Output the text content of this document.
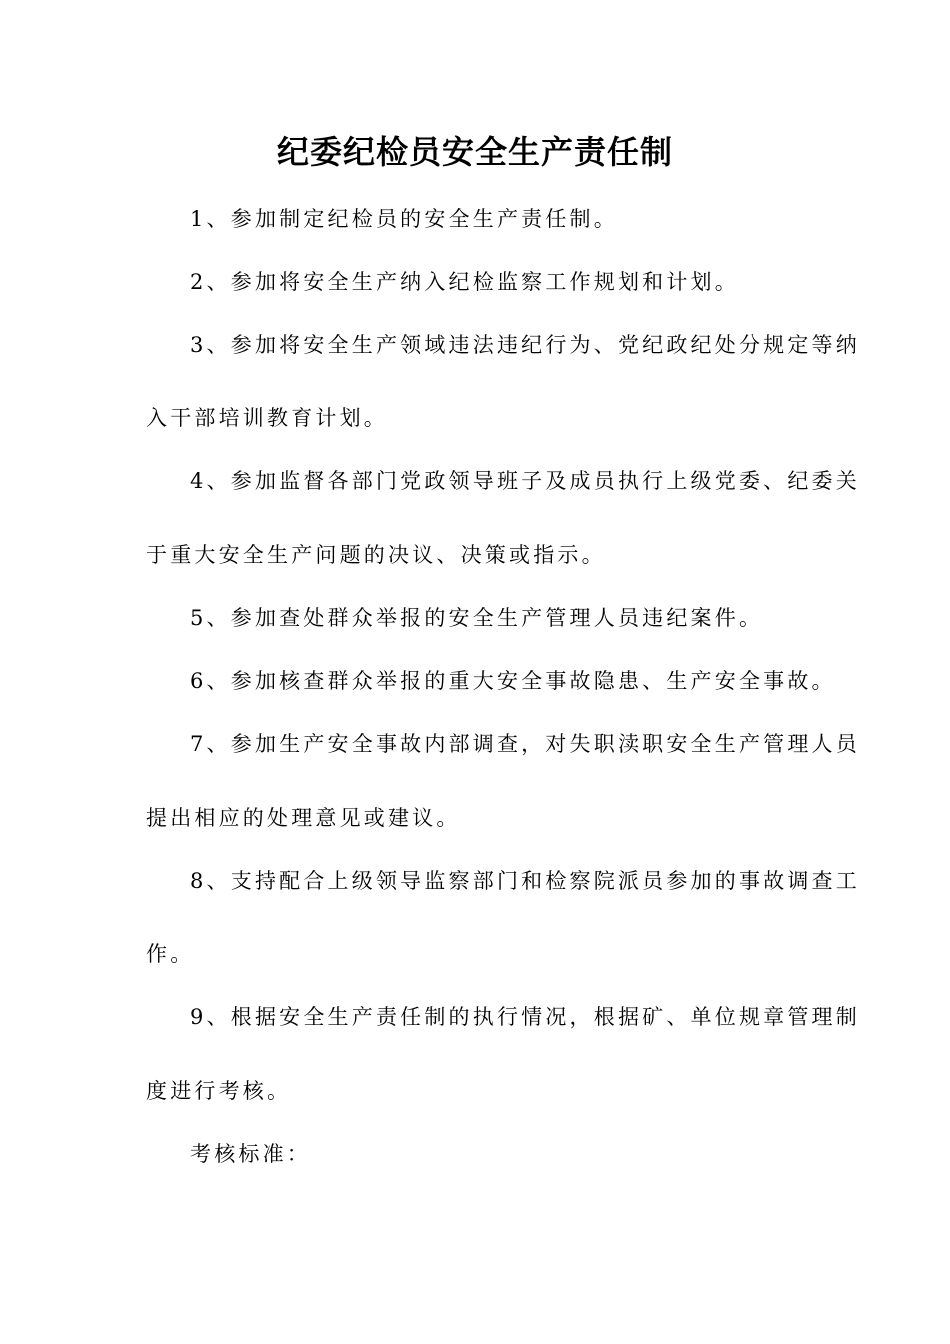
纪委纪检员安全生产责任制

1、参加制定纪检员的安全生产责任制。

2、参加将安全生产纳入纪检监察工作规划和计划。

3、参加将安全生产领域违法违纪行为、党纪政纪处分规定等纳

入干部培训教育计划。

4、参加监督各部门党政领导班子及成员执行上级党委、纪委关

于重大安全生产问题的决议、决策或指示。

5、参加查处群众举报的安全生产管理人员违纪案件。

6、参加核查群众举报的重大安全事故隐患、生产安全事故。

7、参加生产安全事故内部调查，对失职渎职安全生产管理人员

提出相应的处理意见或建议。

8、支持配合上级领导监察部门和检察院派员参加的事故调查工

作。

9、根据安全生产责任制的执行情况，根据矿、单位规章管理制

度进行考核。

考核标准：
